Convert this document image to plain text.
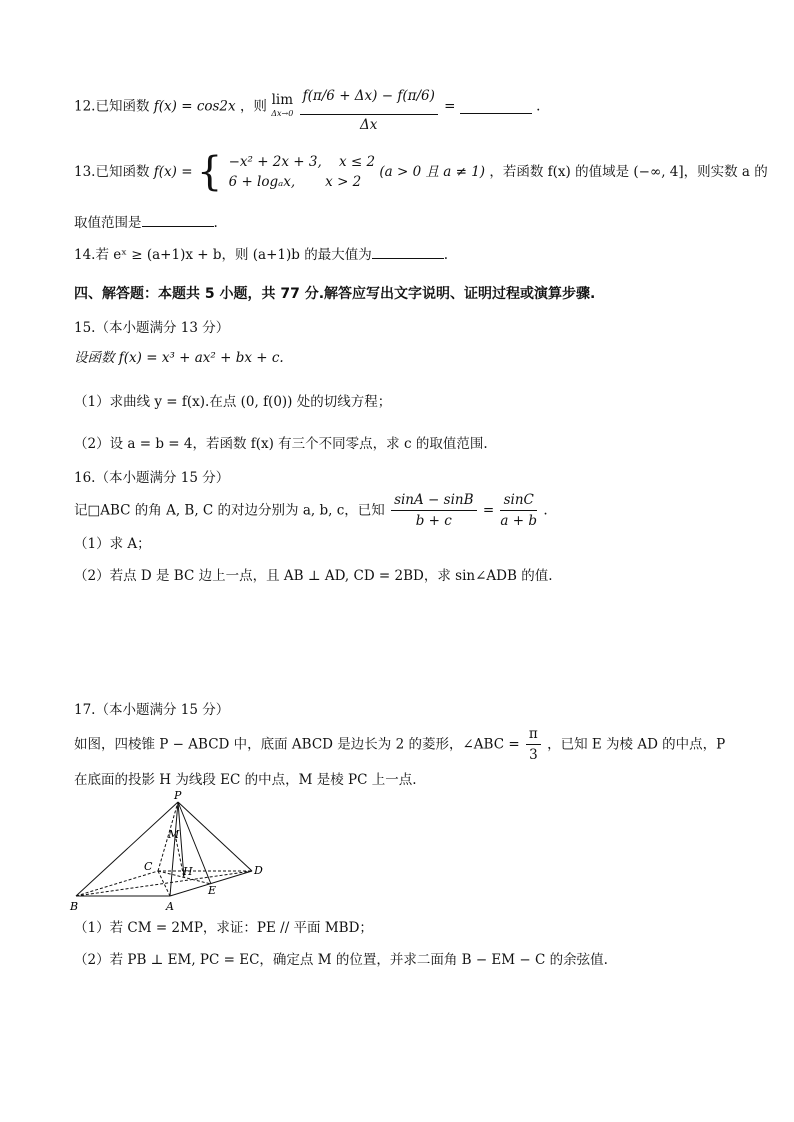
12.已知函数 f(x) = cos2x ，则 lim
Δx→0
$\frac{f(\pi/6 + \Delta x) - f(\pi/6)}{\Delta x}$ =	.
13.已知函数 f(x) = { −x² + 2x + 3, x ≤ 2
6 + logₐx, x > 2
(a > 0 且 a ≠ 1) ，若函数 f(x) 的值域是 (−∞, 4]，则实数 a 的
取值范围是	.
14.若 eˣ ≥ (a+1)x + b，则 (a+1)b 的最大值为	.
四、解答题：本题共 5 小题，共 77 分.解答应写出文字说明、证明过程或演算步骤.
15.（本小题满分 13 分）
设函数 f(x) = x³ + ax² + bx + c.
（1）求曲线 y = f(x).在点 (0, f(0)) 处的切线方程；
（2）设 a = b = 4，若函数 f(x) 有三个不同零点，求 c 的取值范围.
16.（本小题满分 15 分）
记□ABC 的角 A, B, C 的对边分别为 a, b, c，已知 $\frac{\sin A - \sin B}{b + c} = \frac{\sin C}{a + b}$ .
（1）求 A；
（2）若点 D 是 BC 边上一点，且 AB ⊥ AD, CD = 2BD，求 sin∠ADB 的值.
17.（本小题满分 15 分）
如图，四棱锥 P − ABCD 中，底面 ABCD 是边长为 2 的菱形，∠ABC = $\frac{\pi}{3}$ ，已知 E 为棱 AD 的中点，P
在底面的投影 H 为线段 EC 的中点，M 是棱 PC 上一点.
P
M
C	H	D
E
B	A
（1）若 CM = 2MP，求证：PE // 平面 MBD；
（2）若 PB ⊥ EM, PC = EC，确定点 M 的位置，并求二面角 B − EM − C 的余弦值.
